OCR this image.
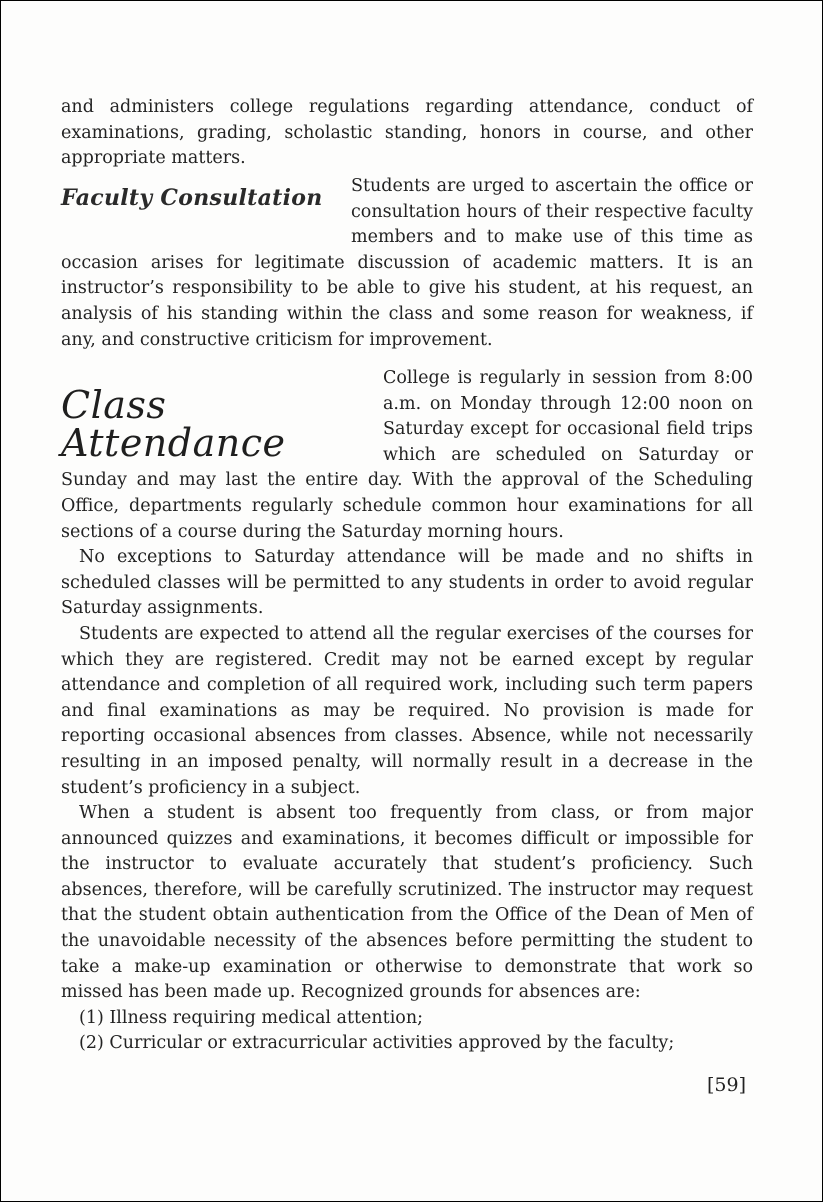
and administers college regulations regarding attendance, conduct of examinations, grading, scholastic standing, honors in course, and other appropriate matters.

Faculty Consultation	Students are urged to ascertain the office or consultation hours of their respective faculty members and to make use of this time as occasion arises for legitimate discussion of academic matters. It is an instructor’s responsibility to be able to give his student, at his request, an analysis of his standing within the class and some reason for weakness, if any, and constructive criticism for improvement.

Class Attendance

College is regularly in session from 8:00 a.m. on Monday through 12:00 noon on Saturday except for occasional field trips which are scheduled on Saturday or Sunday and may last the entire day. With the approval of the Scheduling Office, departments regularly schedule common hour examinations for all sections of a course during the Saturday morning hours.

No exceptions to Saturday attendance will be made and no shifts in scheduled classes will be permitted to any students in order to avoid regular Saturday assignments.

Students are expected to attend all the regular exercises of the courses for which they are registered. Credit may not be earned except by regular attendance and completion of all required work, including such term papers and final examinations as may be required. No provision is made for reporting occasional absences from classes. Absence, while not necessarily resulting in an imposed penalty, will normally result in a decrease in the student’s proficiency in a subject.

When a student is absent too frequently from class, or from major announced quizzes and examinations, it becomes difficult or impossible for the instructor to evaluate accurately that student’s proficiency. Such absences, therefore, will be carefully scrutinized. The instructor may request that the student obtain authentication from the Office of the Dean of Men of the unavoidable necessity of the absences before permitting the student to take a make-up examination or otherwise to demonstrate that work so missed has been made up. Recognized grounds for absences are:

(1) Illness requiring medical attention;

(2) Curricular or extracurricular activities approved by the faculty;

[59]
